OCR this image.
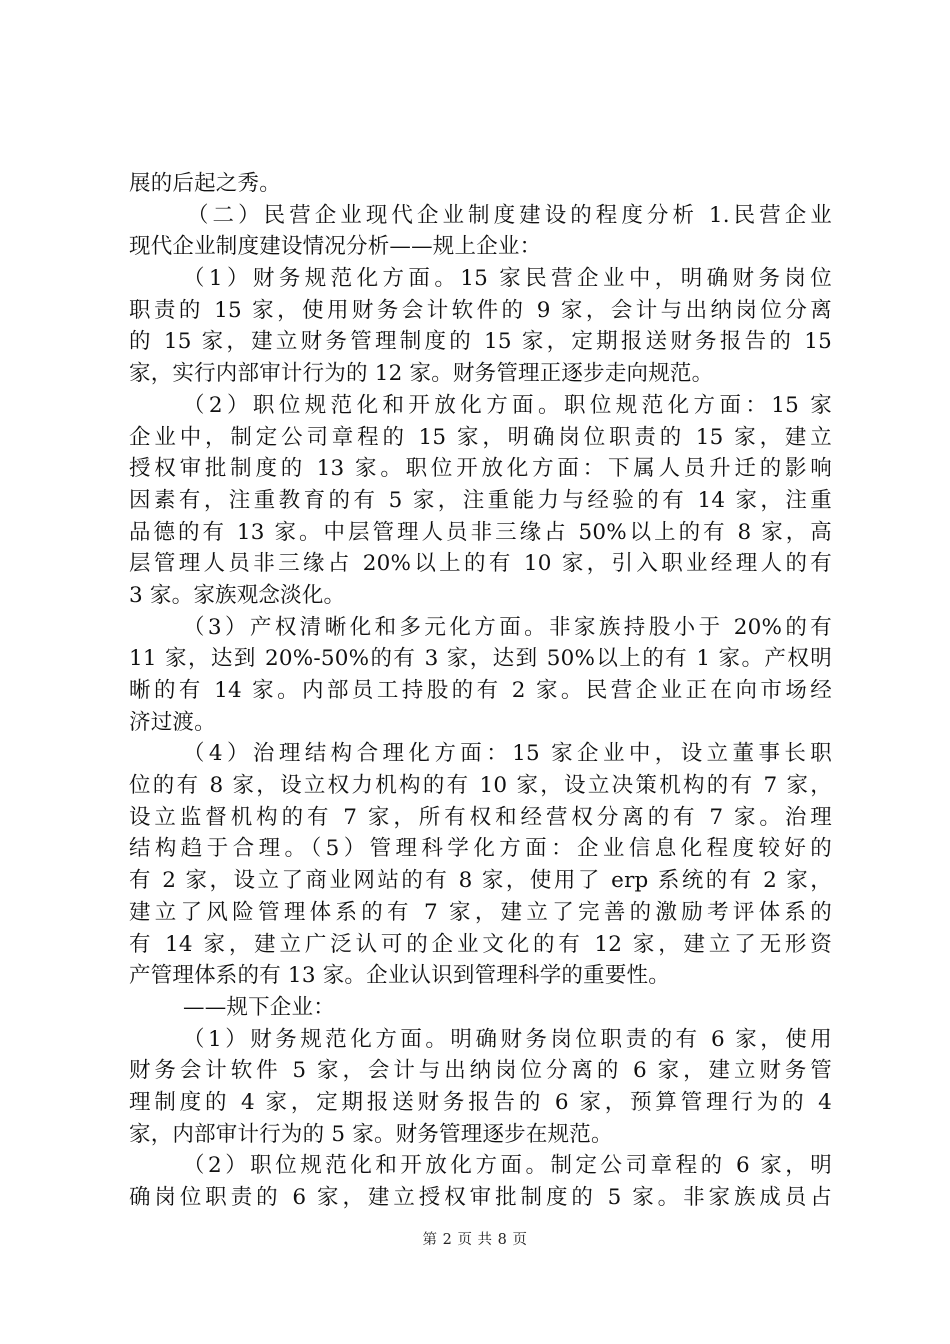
展的后起之秀。
（二）民营企业现代企业制度建设的程度分析 1.民营企业
现代企业制度建设情况分析——规上企业：
（1）财务规范化方面。15 家民营企业中，明确财务岗位
职责的 15 家，使用财务会计软件的 9 家，会计与出纳岗位分离
的 15 家，建立财务管理制度的 15 家，定期报送财务报告的 15
家，实行内部审计行为的 12 家。财务管理正逐步走向规范。
（2）职位规范化和开放化方面。职位规范化方面：15 家
企业中，制定公司章程的 15 家，明确岗位职责的 15 家，建立
授权审批制度的 13 家。职位开放化方面：下属人员升迁的影响
因素有，注重教育的有 5 家，注重能力与经验的有 14 家，注重
品德的有 13 家。中层管理人员非三缘占 50%以上的有 8 家，高
层管理人员非三缘占 20%以上的有 10 家，引入职业经理人的有
3 家。家族观念淡化。
（3）产权清晰化和多元化方面。非家族持股小于 20%的有
11 家，达到 20%-50%的有 3 家，达到 50%以上的有 1 家。产权明
晰的有 14 家。内部员工持股的有 2 家。民营企业正在向市场经
济过渡。
（4）治理结构合理化方面：15 家企业中，设立董事长职
位的有 8 家，设立权力机构的有 10 家，设立决策机构的有 7 家，
设立监督机构的有 7 家，所有权和经营权分离的有 7 家。治理
结构趋于合理。（5）管理科学化方面：企业信息化程度较好的
有 2 家，设立了商业网站的有 8 家，使用了 erp 系统的有 2 家，
建立了风险管理体系的有 7 家，建立了完善的激励考评体系的
有 14 家，建立广泛认可的企业文化的有 12 家，建立了无形资
产管理体系的有 13 家。企业认识到管理科学的重要性。
——规下企业：
（1）财务规范化方面。明确财务岗位职责的有 6 家，使用
财务会计软件 5 家，会计与出纳岗位分离的 6 家，建立财务管
理制度的 4 家，定期报送财务报告的 6 家，预算管理行为的 4
家，内部审计行为的 5 家。财务管理逐步在规范。
（2）职位规范化和开放化方面。制定公司章程的 6 家，明
确岗位职责的 6 家，建立授权审批制度的 5 家。非家族成员占
第 2 页 共 8 页
